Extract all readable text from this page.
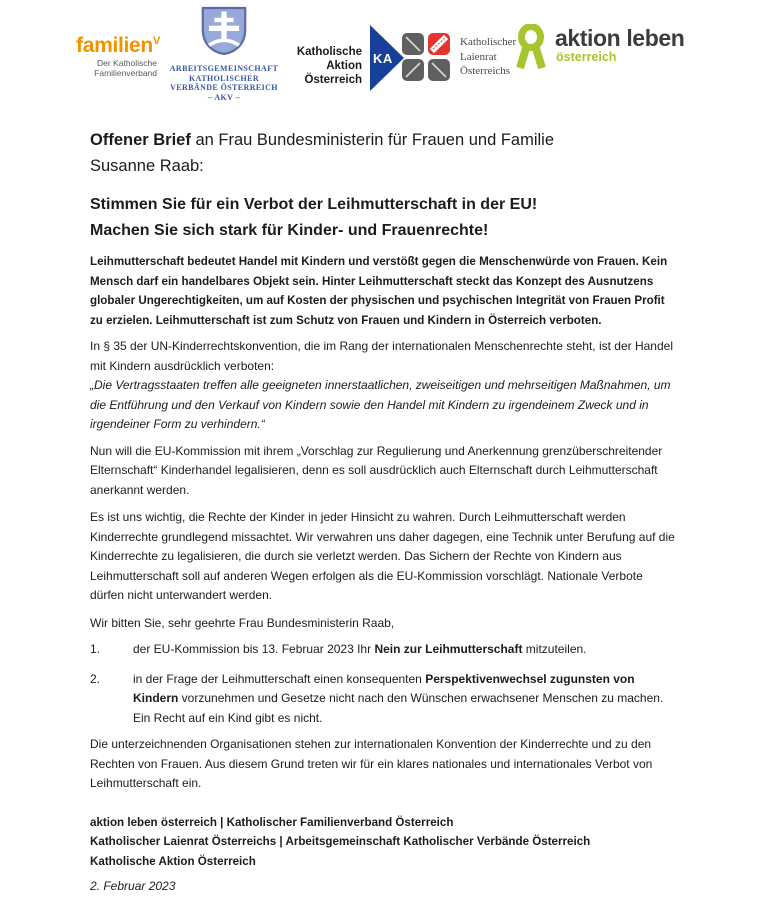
familien$^V$
Der Katholische
Familienverband	ARBEITSGEMEINSCHAFT
KATHOLISCHER
VERBÄNDE ÖSTERREICH
– AKV –
Katholische Aktion
Österreich
KA
Katholischer
Laienrat
Österreichs
aktion leben
österreich

Offener Brief an Frau Bundesministerin für Frauen und Familie
Susanne Raab:

Stimmen Sie für ein Verbot der Leihmutterschaft in der EU!
Machen Sie sich stark für Kinder- und Frauenrechte!

Leihmutterschaft bedeutet Handel mit Kindern und verstößt gegen die Menschenwürde von Frauen. Kein Mensch darf ein handelbares Objekt sein. Hinter Leihmutterschaft steckt das Konzept des Ausnutzens globaler Ungerechtigkeiten, um auf Kosten der physischen und psychischen Integrität von Frauen Profit zu erzielen. Leihmutterschaft ist zum Schutz von Frauen und Kindern in Österreich verboten.

In § 35 der UN-Kinderrechtskonvention, die im Rang der internationalen Menschenrechte steht, ist der Handel mit Kindern ausdrücklich verboten:
„Die Vertragsstaaten treffen alle geeigneten innerstaatlichen, zweiseitigen und mehrseitigen Maßnahmen, um die Entführung und den Verkauf von Kindern sowie den Handel mit Kindern zu irgendeinem Zweck und in irgendeiner Form zu verhindern.“

Nun will die EU-Kommission mit ihrem „Vorschlag zur Regulierung und Anerkennung grenzüberschreitender Elternschaft“ Kinderhandel legalisieren, denn es soll ausdrücklich auch Elternschaft durch Leihmutterschaft anerkannt werden.

Es ist uns wichtig, die Rechte der Kinder in jeder Hinsicht zu wahren. Durch Leihmutterschaft werden Kinderrechte grundlegend missachtet. Wir verwahren uns daher dagegen, eine Technik unter Berufung auf die Kinderrechte zu legalisieren, die durch sie verletzt werden. Das Sichern der Rechte von Kindern aus Leihmutterschaft soll auf anderen Wegen erfolgen als die EU-Kommission vorschlägt. Nationale Verbote dürfen nicht unterwandert werden.

Wir bitten Sie, sehr geehrte Frau Bundesministerin Raab,

1.	der EU-Kommission bis 13. Februar 2023 Ihr Nein zur Leihmutterschaft mitzuteilen.
2.	in der Frage der Leihmutterschaft einen konsequenten Perspektivenwechsel zugunsten von Kindern vorzunehmen und Gesetze nicht nach den Wünschen erwachsener Menschen zu machen. Ein Recht auf ein Kind gibt es nicht.

Die unterzeichnenden Organisationen stehen zur internationalen Konvention der Kinderrechte und zu den Rechten von Frauen. Aus diesem Grund treten wir für ein klares nationales und internationales Verbot von Leihmutterschaft ein.

aktion leben österreich | Katholischer Familienverband Österreich
Katholischer Laienrat Österreichs | Arbeitsgemeinschaft Katholischer Verbände Österreich
Katholische Aktion Österreich

2. Februar 2023
